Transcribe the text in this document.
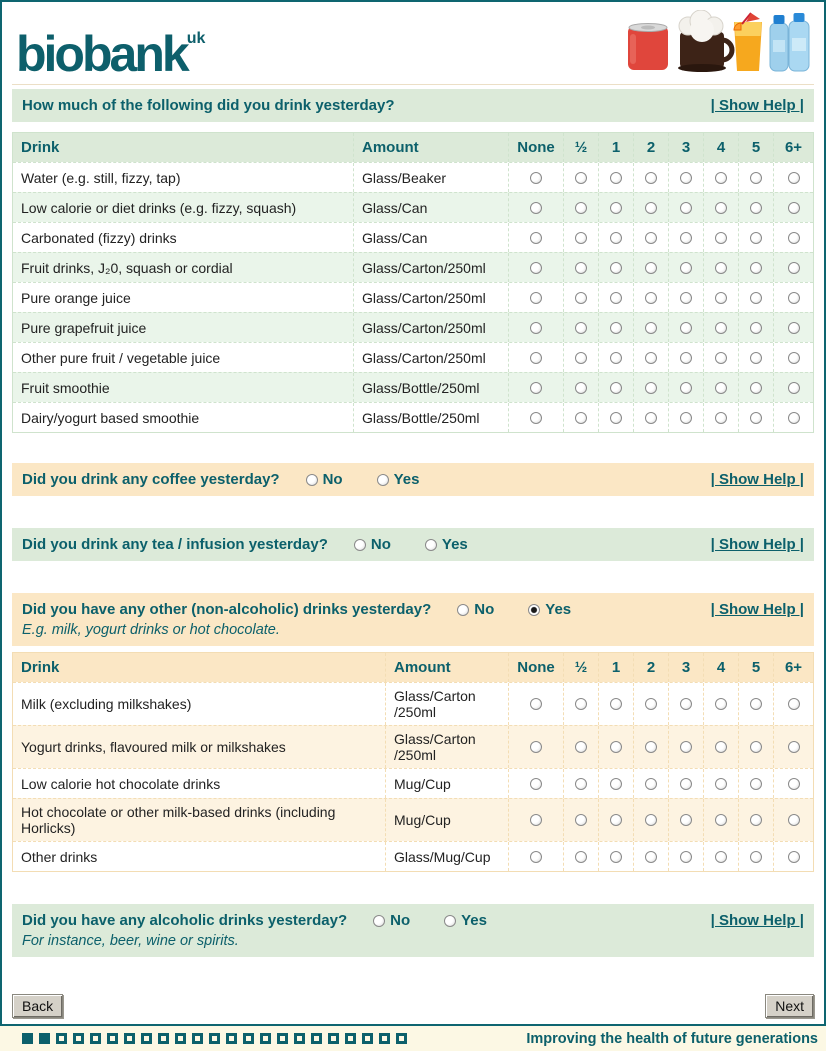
biobank$^{uk}$
How much of the following did you drink yesterday?	| Show Help |
Drink	Amount	None	½	1	2	3	4	5	6+
Water (e.g. still, fizzy, tap)	Glass/Beaker
Low calorie or diet drinks (e.g. fizzy, squash)	Glass/Can
Carbonated (fizzy) drinks	Glass/Can
Fruit drinks, J₂0, squash or cordial	Glass/Carton/250ml
Pure orange juice	Glass/Carton/250ml
Pure grapefruit juice	Glass/Carton/250ml
Other pure fruit / vegetable juice	Glass/Carton/250ml
Fruit smoothie	Glass/Bottle/250ml
Dairy/yogurt based smoothie	Glass/Bottle/250ml
Did you drink any coffee yesterday?	No	Yes	| Show Help |
Did you drink any tea / infusion yesterday?	No	Yes	| Show Help |
Did you have any other (non-alcoholic) drinks yesterday?	No	Yes	| Show Help |
E.g. milk, yogurt drinks or hot chocolate.
Drink	Amount	None	½	1	2	3	4	5	6+
Milk (excluding milkshakes)	Glass/Carton /250ml
Yogurt drinks, flavoured milk or milkshakes	Glass/Carton /250ml
Low calorie hot chocolate drinks	Mug/Cup
Hot chocolate or other milk-based drinks (including Horlicks)	Mug/Cup
Other drinks	Glass/Mug/Cup
Did you have any alcoholic drinks yesterday?	No	Yes	| Show Help |
For instance, beer, wine or spirits.
Back	Next
Improving the health of future generations
